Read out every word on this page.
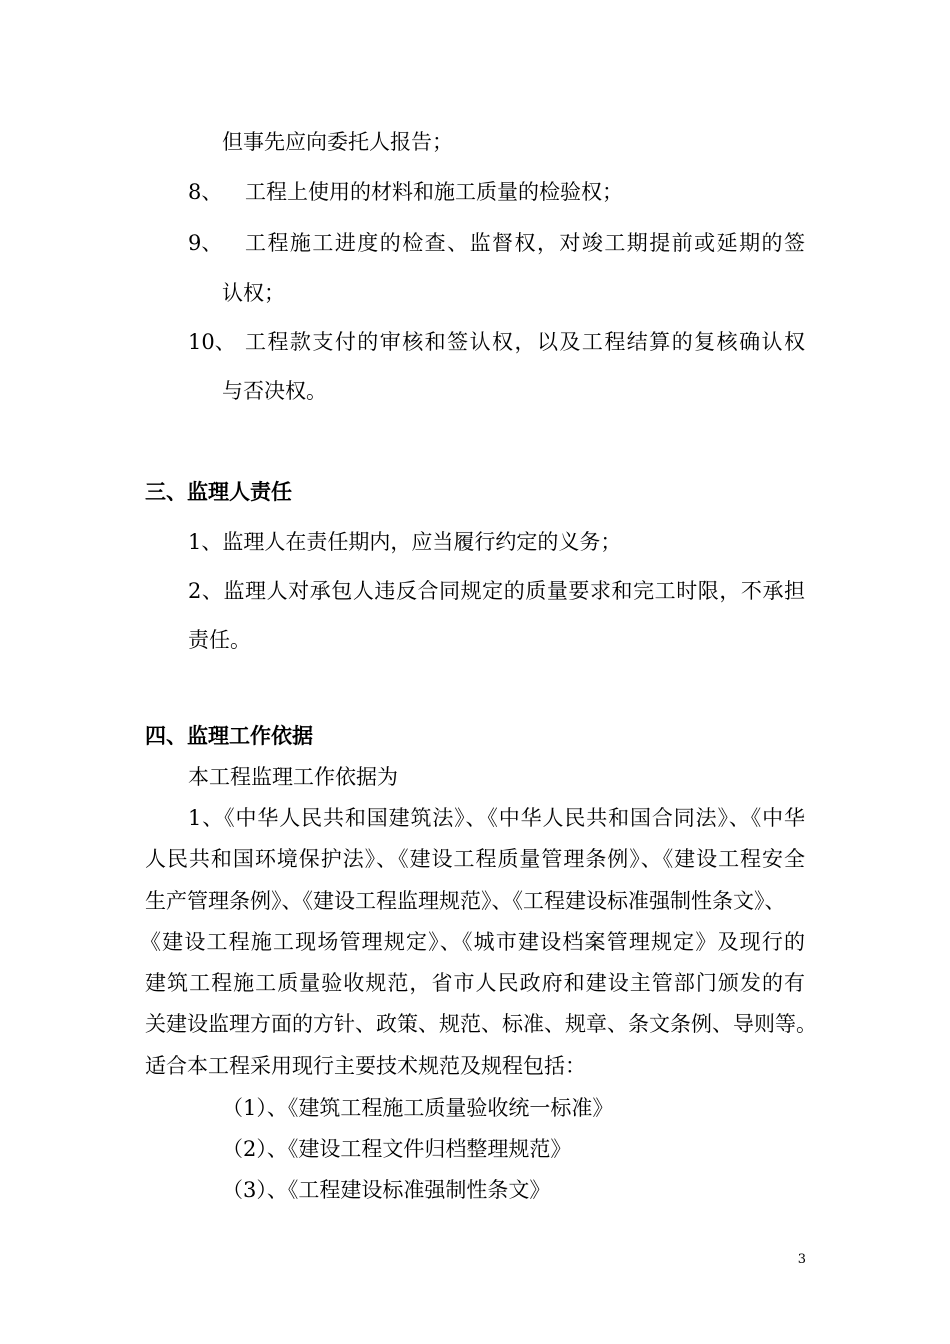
但事先应向委托人报告；
8、 工程上使用的材料和施工质量的检验权；
9、 工程施工进度的检查、监督权，对竣工期提前或延期的签
认权；
10、 工程款支付的审核和签认权，以及工程结算的复核确认权
与否决权。
三、监理人责任
1、监理人在责任期内，应当履行约定的义务；
2、监理人对承包人违反合同规定的质量要求和完工时限，不承担
责任。
四、监理工作依据
本工程监理工作依据为
1、《中华人民共和国建筑法》、《中华人民共和国合同法》、《中华
人民共和国环境保护法》、《建设工程质量管理条例》、《建设工程安全
生产管理条例》、《建设工程监理规范》、《工程建设标准强制性条文》、
《建设工程施工现场管理规定》、《城市建设档案管理规定》及现行的
建筑工程施工质量验收规范，省市人民政府和建设主管部门颁发的有
关建设监理方面的方针、政策、规范、标准、规章、条文条例、导则等。
适合本工程采用现行主要技术规范及规程包括：
（1）、《建筑工程施工质量验收统一标准》
（2）、《建设工程文件归档整理规范》
（3）、《工程建设标准强制性条文》
3
